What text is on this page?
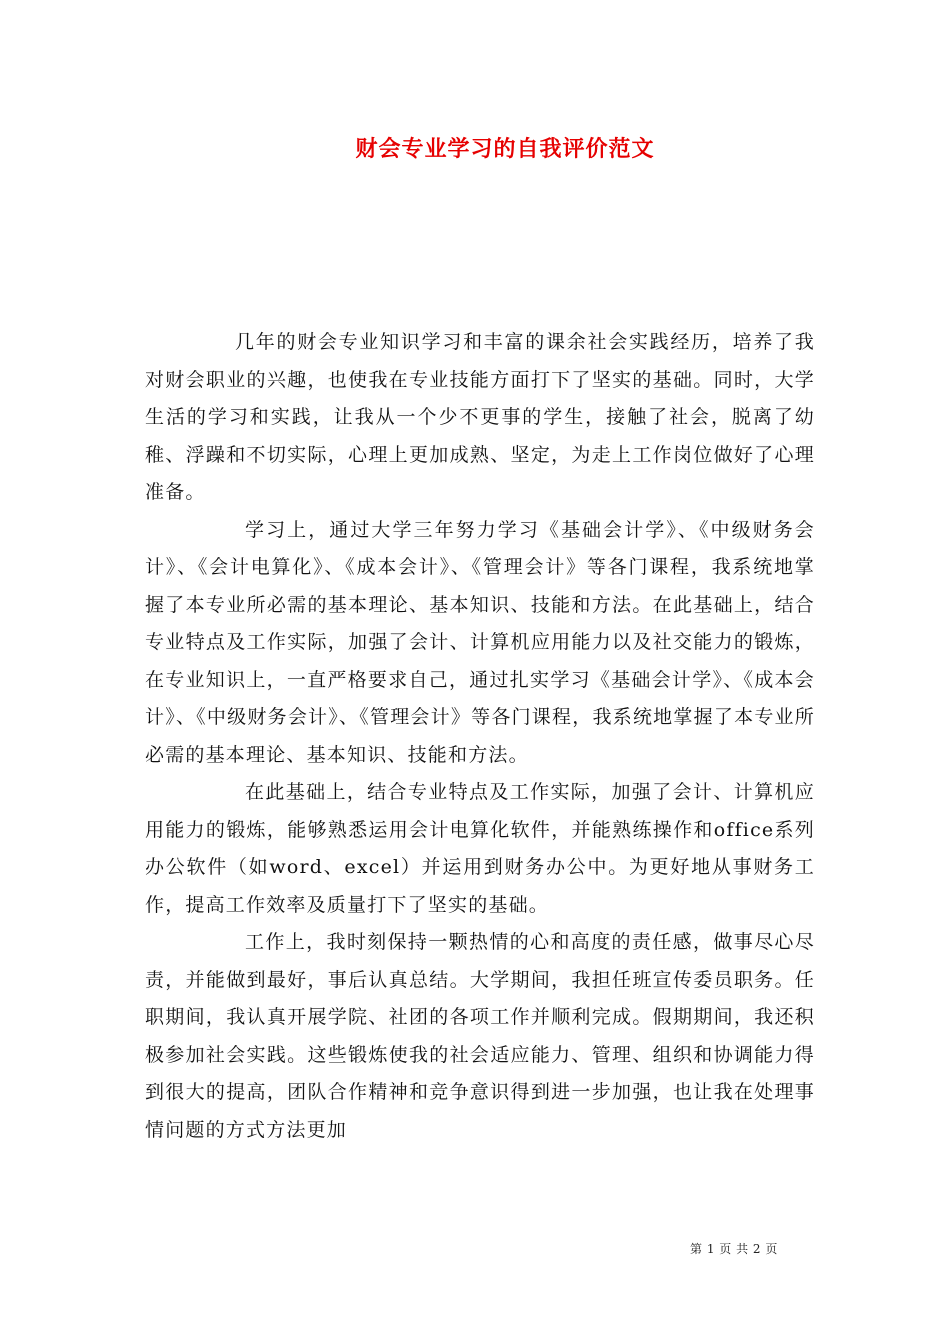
财会专业学习的自我评价范文

几年的财会专业知识学习和丰富的课余社会实践经历，培养了我对财会职业的兴趣，也使我在专业技能方面打下了坚实的基础。同时，大学生活的学习和实践，让我从一个少不更事的学生，接触了社会，脱离了幼稚、浮躁和不切实际，心理上更加成熟、坚定，为走上工作岗位做好了心理准备。

学习上，通过大学三年努力学习《基础会计学》、《中级财务会计》、《会计电算化》、《成本会计》、《管理会计》等各门课程，我系统地掌握了本专业所必需的基本理论、基本知识、技能和方法。在此基础上，结合专业特点及工作实际，加强了会计、计算机应用能力以及社交能力的锻炼，在专业知识上，一直严格要求自己，通过扎实学习《基础会计学》、《成本会计》、《中级财务会计》、《管理会计》等各门课程，我系统地掌握了本专业所必需的基本理论、基本知识、技能和方法。

在此基础上，结合专业特点及工作实际，加强了会计、计算机应用能力的锻炼，能够熟悉运用会计电算化软件，并能熟练操作和office系列办公软件（如word、excel）并运用到财务办公中。为更好地从事财务工作，提高工作效率及质量打下了坚实的基础。

工作上，我时刻保持一颗热情的心和高度的责任感，做事尽心尽责，并能做到最好，事后认真总结。大学期间，我担任班宣传委员职务。任职期间，我认真开展学院、社团的各项工作并顺利完成。假期期间，我还积极参加社会实践。这些锻炼使我的社会适应能力、管理、组织和协调能力得到很大的提高，团队合作精神和竞争意识得到进一步加强，也让我在处理事情问题的方式方法更加

第 1 页 共 2 页
